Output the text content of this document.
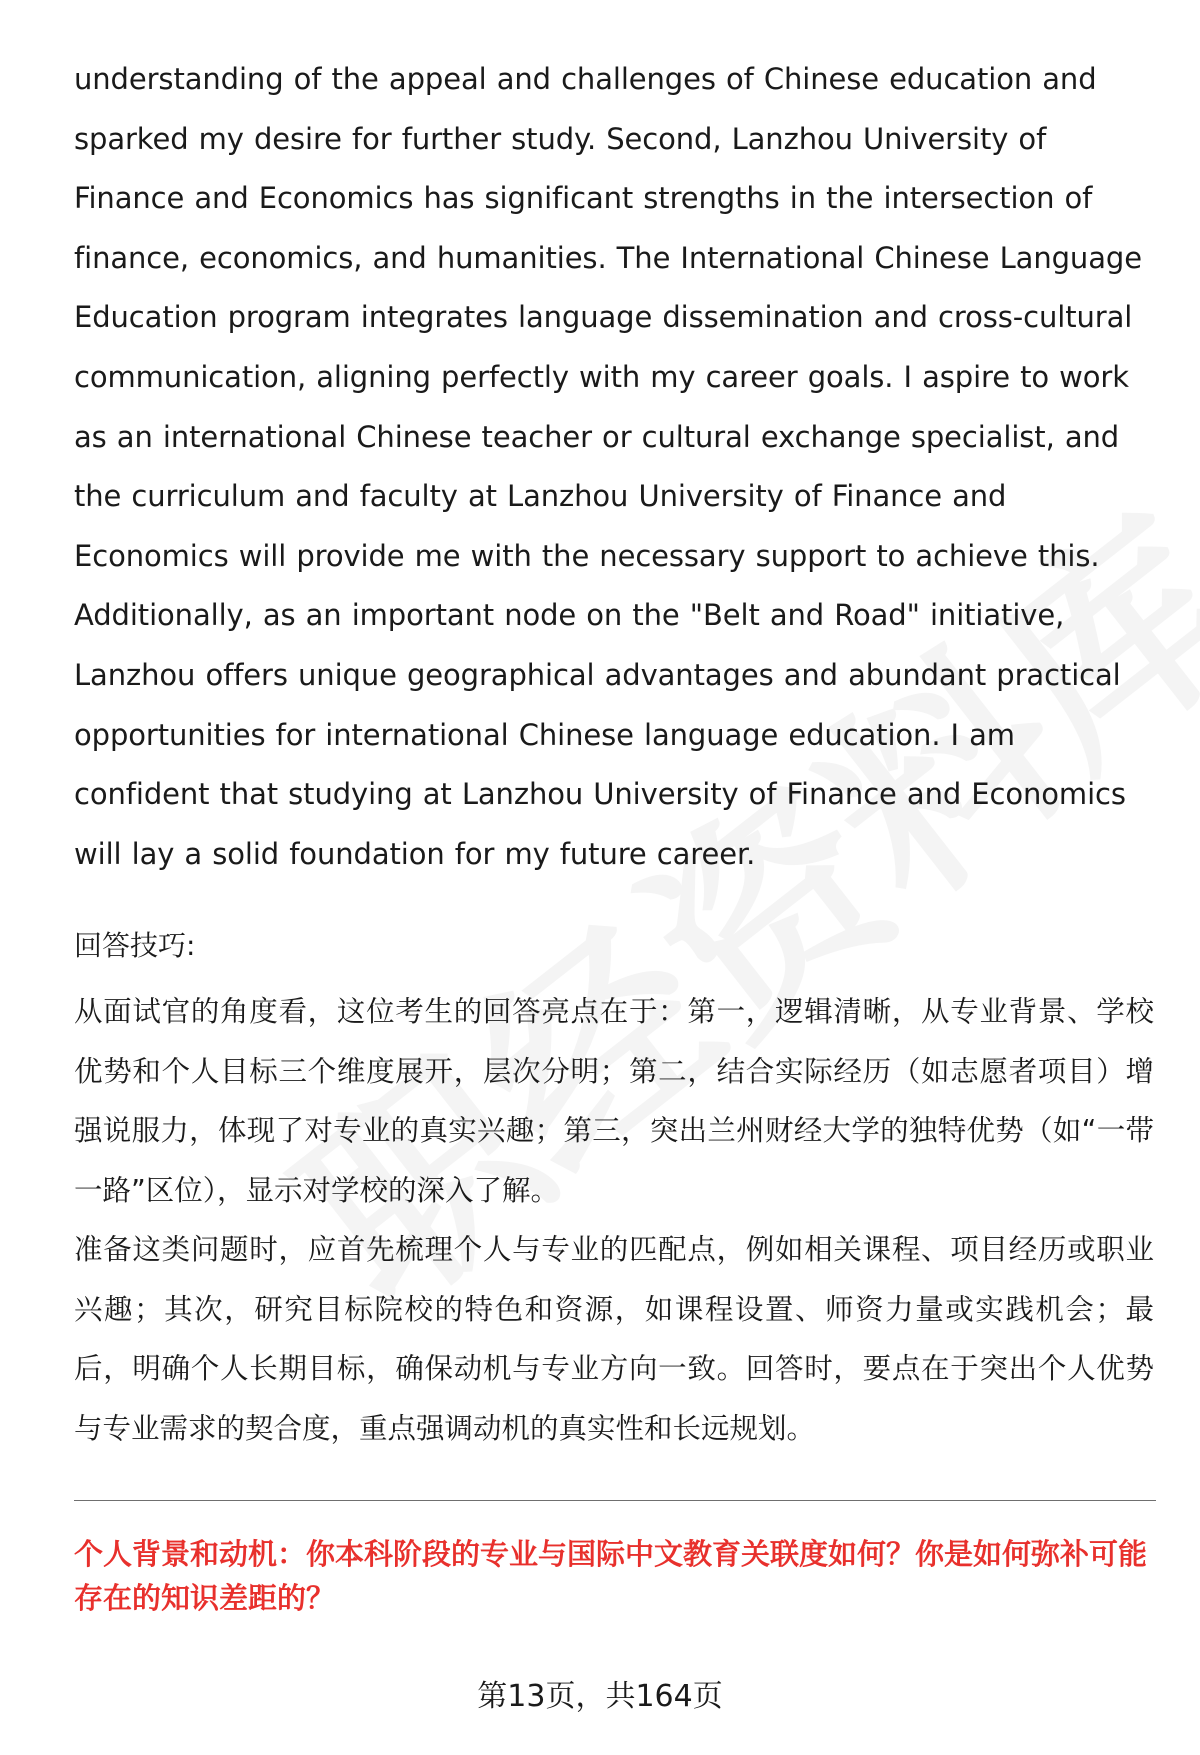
understanding of the appeal and challenges of Chinese education and sparked my desire for further study. Second, Lanzhou University of Finance and Economics has significant strengths in the intersection of finance, economics, and humanities. The International Chinese Language Education program integrates language dissemination and cross-cultural communication, aligning perfectly with my career goals. I aspire to work as an international Chinese teacher or cultural exchange specialist, and the curriculum and faculty at Lanzhou University of Finance and Economics will provide me with the necessary support to achieve this. Additionally, as an important node on the "Belt and Road" initiative, Lanzhou offers unique geographical advantages and abundant practical opportunities for international Chinese language education. I am confident that studying at Lanzhou University of Finance and Economics will lay a solid foundation for my future career.

回答技巧:

从面试官的角度看，这位考生的回答亮点在于：第一，逻辑清晰，从专业背景、学校优势和个人目标三个维度展开，层次分明；第二，结合实际经历（如志愿者项目）增强说服力，体现了对专业的真实兴趣；第三，突出兰州财经大学的独特优势（如“一带一路”区位），显示对学校的深入了解。

准备这类问题时，应首先梳理个人与专业的匹配点，例如相关课程、项目经历或职业兴趣；其次，研究目标院校的特色和资源，如课程设置、师资力量或实践机会；最后，明确个人长期目标，确保动机与专业方向一致。回答时，要点在于突出个人优势与专业需求的契合度，重点强调动机的真实性和长远规划。

个人背景和动机：你本科阶段的专业与国际中文教育关联度如何？你是如何弥补可能存在的知识差距的？

第13页，共164页
